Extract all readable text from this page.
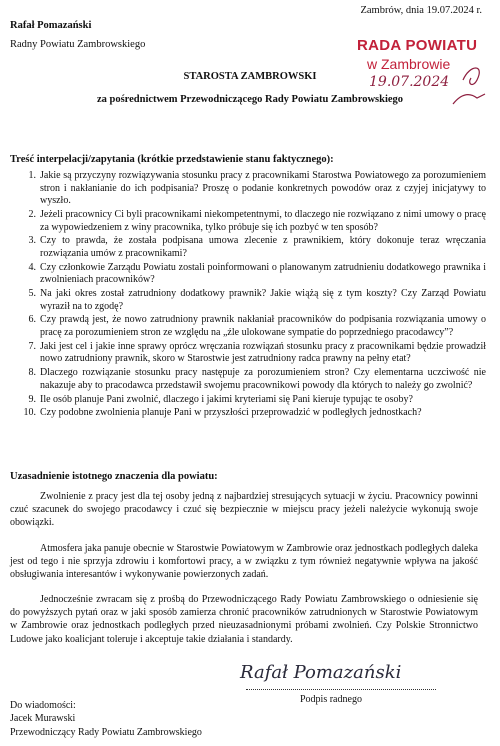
Zambrów, dnia 19.07.2024 r.
Rafał Pomazański
Radny Powiatu Zambrowskiego	RADA POWIATU
w Zambrowie
19.07.2024
STAROSTA ZAMBROWSKI
za pośrednictwem Przewodniczącego Rady Powiatu Zambrowskiego
Treść interpelacji/zapytania (krótkie przedstawienie stanu faktycznego):
1. Jakie są przyczyny rozwiązywania stosunku pracy z pracownikami Starostwa Powiatowego za porozumieniem stron i nakłanianie do ich podpisania? Proszę o podanie konkretnych powodów oraz z czyjej inicjatywy to wyszło.
2. Jeżeli pracownicy Ci byli pracownikami niekompetentnymi, to dlaczego nie rozwiązano z nimi umowy o pracę za wypowiedzeniem z winy pracownika, tylko próbuje się ich pozbyć w ten sposób?
3. Czy to prawda, że została podpisana umowa zlecenie z prawnikiem, który dokonuje teraz wręczania rozwiązania umów z pracownikami?
4. Czy członkowie Zarządu Powiatu zostali poinformowani o planowanym zatrudnieniu dodatkowego prawnika i zwolnieniach pracowników?
5. Na jaki okres został zatrudniony dodatkowy prawnik? Jakie wiążą się z tym koszty? Czy Zarząd Powiatu wyraził na to zgodę?
6. Czy prawdą jest, że nowo zatrudniony prawnik nakłaniał pracowników do podpisania rozwiązania umowy o pracę za porozumieniem stron ze względu na „źle ulokowane sympatie do poprzedniego pracodawcy”?
7. Jaki jest cel i jakie inne sprawy oprócz wręczania rozwiązań stosunku pracy z pracownikami będzie prowadził nowo zatrudniony prawnik, skoro w Starostwie jest zatrudniony radca prawny na pełny etat?
8. Dlaczego rozwiązanie stosunku pracy następuje za porozumieniem stron? Czy elementarna uczciwość nie nakazuje aby to pracodawca przedstawił swojemu pracownikowi powody dla których to należy go zwolnić?
9. Ile osób planuje Pani zwolnić, dlaczego i jakimi kryteriami się Pani kieruje typując te osoby?
10. Czy podobne zwolnienia planuje Pani w przyszłości przeprowadzić w podległych jednostkach?
Uzasadnienie istotnego znaczenia dla powiatu:

Zwolnienie z pracy jest dla tej osoby jedną z najbardziej stresujących sytuacji w życiu. Pracownicy powinni czuć szacunek do swojego pracodawcy i czuć się bezpiecznie w miejscu pracy jeżeli należycie wykonują swoje obowiązki.

Atmosfera jaka panuje obecnie w Starostwie Powiatowym w Zambrowie oraz jednostkach podległych daleka jest od tego i nie sprzyja zdrowiu i komfortowi pracy, a w związku z tym również negatywnie wpływa na jakość obsługiwania interesantów i wykonywanie powierzonych zadań.

Jednocześnie zwracam się z prośbą do Przewodniczącego Rady Powiatu Zambrowskiego o odniesienie się do powyższych pytań oraz w jaki sposób zamierza chronić pracowników zatrudnionych w Starostwie Powiatowym w Zambrowie oraz jednostkach podległych przed nieuzasadnionymi próbami zwolnień. Czy Polskie Stronnictwo Ludowe jako koalicjant toleruje i akceptuje takie działania i standardy.

Rafał Pomazański
Podpis radnego
Do wiadomości:
Jacek Murawski
Przewodniczący Rady Powiatu Zambrowskiego
